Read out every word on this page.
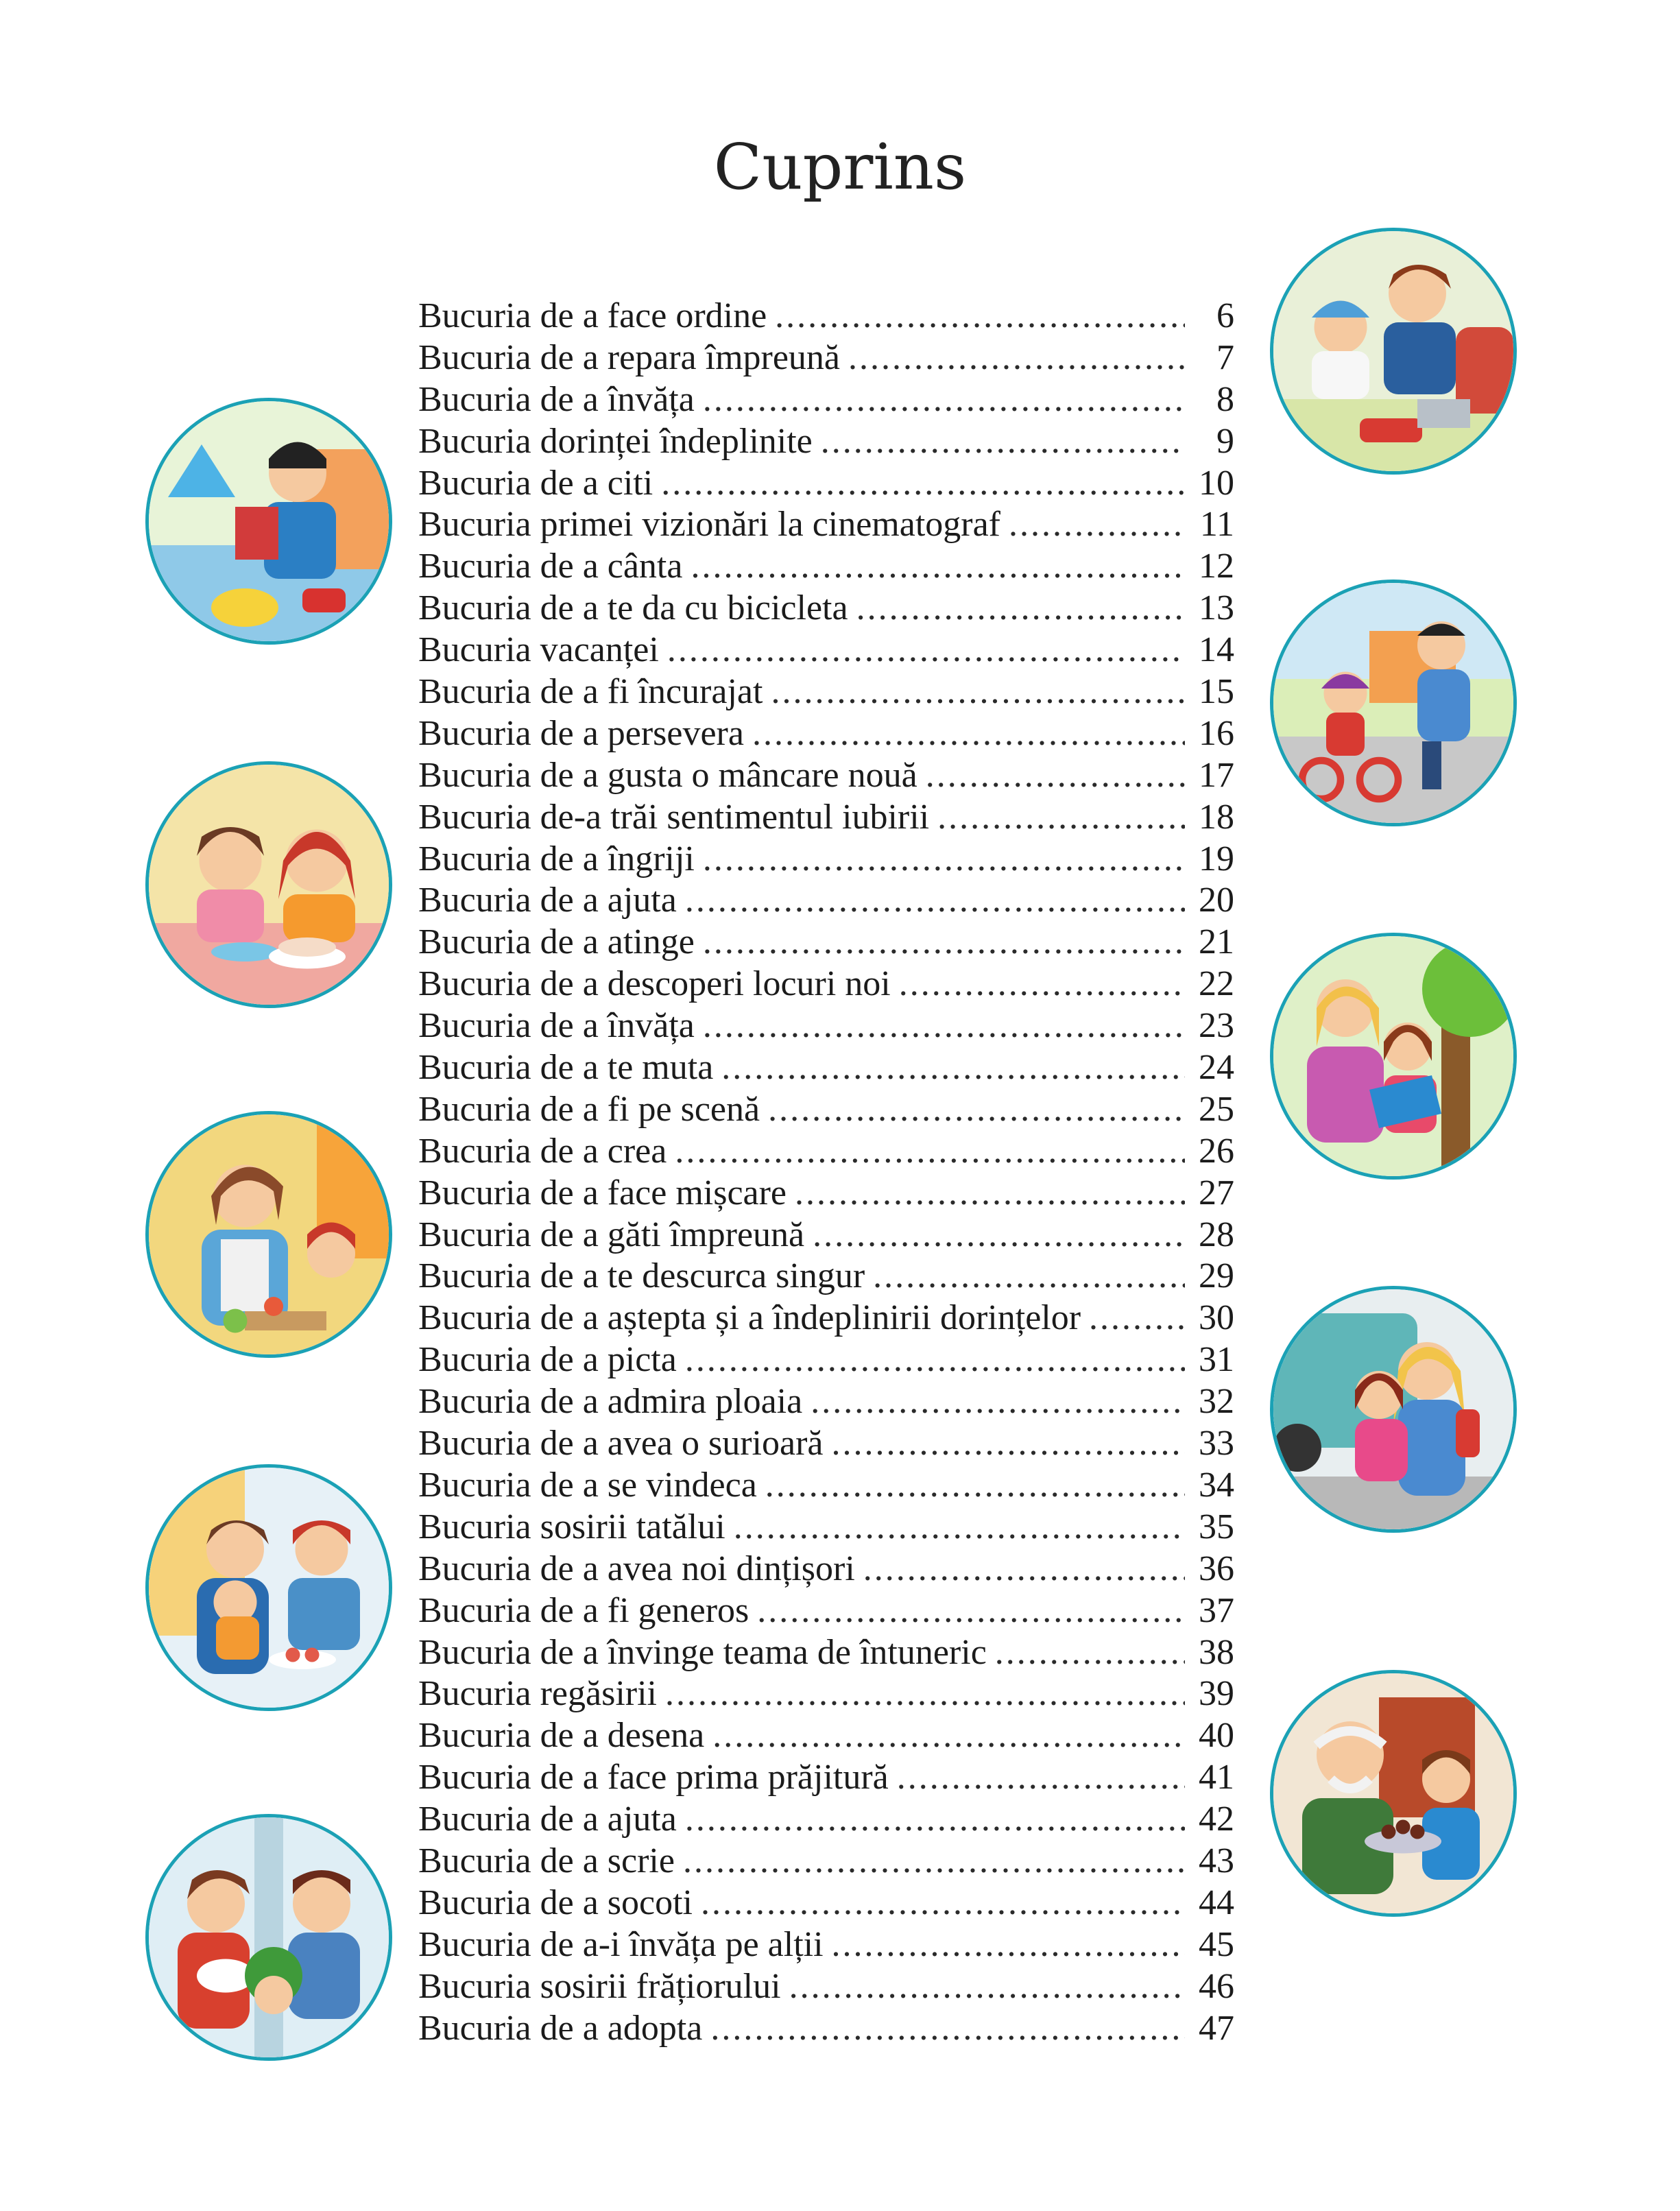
Cuprins
Bucuria de a face ordine .....	6
Bucuria de a repara împreună .....	7
Bucuria de a învăța .....	8
Bucuria dorinței îndeplinite .....	9
Bucuria de a citi .....	10
Bucuria primei vizionări la cinematograf .....	11
Bucuria de a cânta .....	12
Bucuria de a te da cu bicicleta .....	13
Bucuria vacanței .....	14
Bucuria de a fi încurajat .....	15
Bucuria de a persevera .....	16
Bucuria de a gusta o mâncare nouă .....	17
Bucuria de-a trăi sentimentul iubirii .....	18
Bucuria de a îngriji .....	19
Bucuria de a ajuta .....	20
Bucuria de a atinge .....	21
Bucuria de a descoperi locuri noi .....	22
Bucuria de a învăța .....	23
Bucuria de a te muta .....	24
Bucuria de a fi pe scenă .....	25
Bucuria de a crea .....	26
Bucuria de a face mișcare .....	27
Bucuria de a găti împreună .....	28
Bucuria de a te descurca singur .....	29
Bucuria de a aștepta și a îndeplinirii dorințelor .....	30
Bucuria de a picta .....	31
Bucuria de a admira ploaia .....	32
Bucuria de a avea o surioară .....	33
Bucuria de a se vindeca .....	34
Bucuria sosirii tatălui .....	35
Bucuria de a avea noi dințișori .....	36
Bucuria de a fi generos .....	37
Bucuria de a învinge teama de întuneric .....	38
Bucuria regăsirii .....	39
Bucuria de a desena .....	40
Bucuria de a face prima prăjitură .....	41
Bucuria de a ajuta .....	42
Bucuria de a scrie .....	43
Bucuria de a socoti .....	44
Bucuria de a-i învăța pe alții .....	45
Bucuria sosirii frățiorului .....	46
Bucuria de a adopta .....	47
